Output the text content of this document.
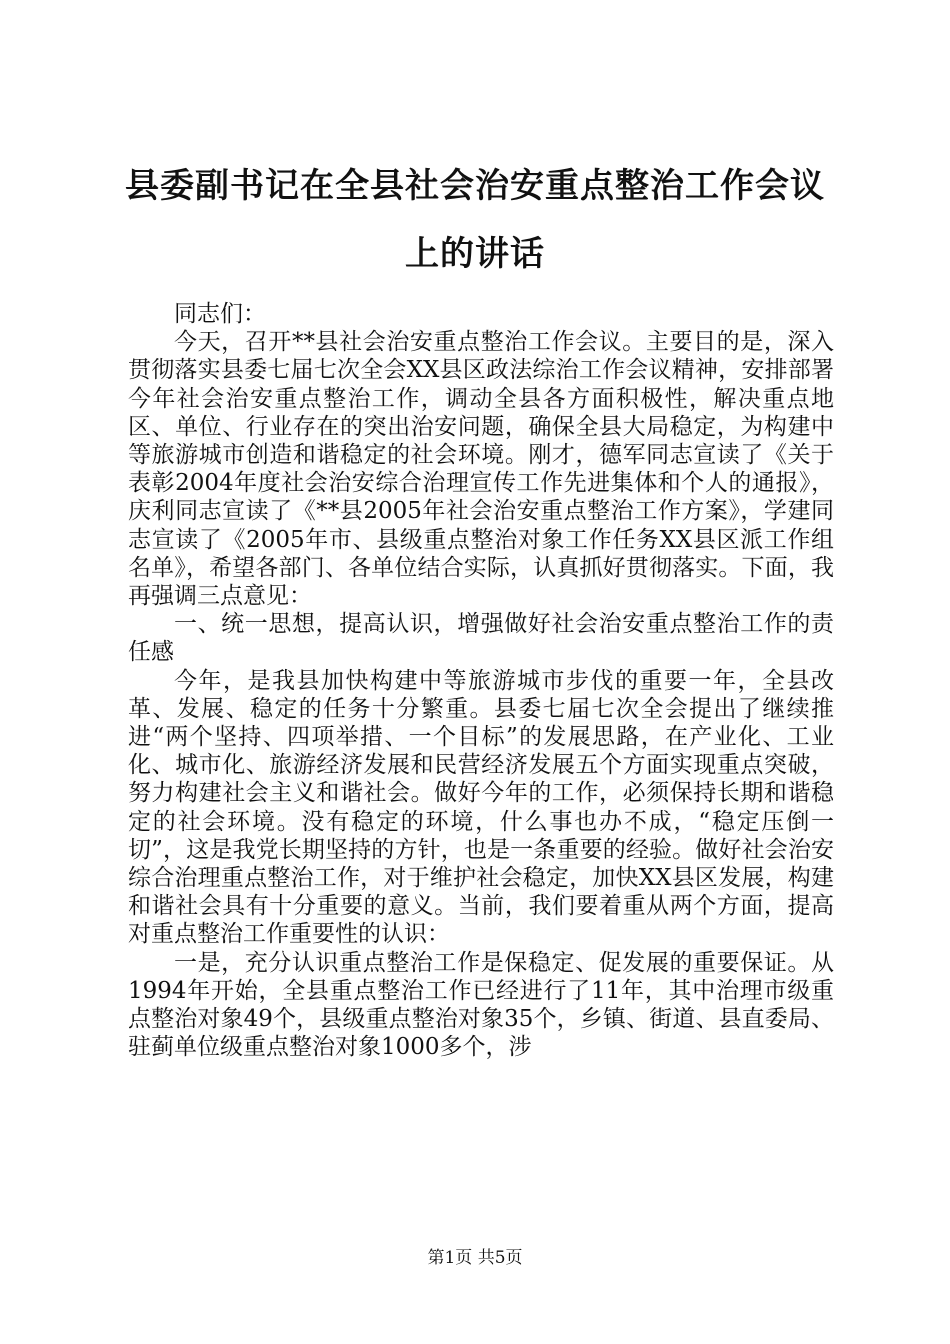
县委副书记在全县社会治安重点整治工作会议
上的讲话

同志们：

今天，召开**县社会治安重点整治工作会议。主要目的是，深入贯彻落实县委七届七次全会XX县区政法综治工作会议精神，安排部署今年社会治安重点整治工作，调动全县各方面积极性，解决重点地区、单位、行业存在的突出治安问题，确保全县大局稳定，为构建中等旅游城市创造和谐稳定的社会环境。刚才，德军同志宣读了《关于表彰2004年度社会治安综合治理宣传工作先进集体和个人的通报》，庆利同志宣读了《**县2005年社会治安重点整治工作方案》，学建同志宣读了《2005年市、县级重点整治对象工作任务XX县区派工作组名单》，希望各部门、各单位结合实际，认真抓好贯彻落实。下面，我再强调三点意见：

一、统一思想，提高认识，增强做好社会治安重点整治工作的责任感

今年，是我县加快构建中等旅游城市步伐的重要一年，全县改革、发展、稳定的任务十分繁重。县委七届七次全会提出了继续推进“两个坚持、四项举措、一个目标”的发展思路，在产业化、工业化、城市化、旅游经济发展和民营经济发展五个方面实现重点突破，努力构建社会主义和谐社会。做好今年的工作，必须保持长期和谐稳定的社会环境。没有稳定的环境，什么事也办不成，“稳定压倒一切”，这是我党长期坚持的方针，也是一条重要的经验。做好社会治安综合治理重点整治工作，对于维护社会稳定，加快XX县区发展，构建和谐社会具有十分重要的意义。当前，我们要着重从两个方面，提高对重点整治工作重要性的认识：

一是，充分认识重点整治工作是保稳定、促发展的重要保证。从1994年开始，全县重点整治工作已经进行了11年，其中治理市级重点整治对象49个，县级重点整治对象35个，乡镇、街道、县直委局、驻蓟单位级重点整治对象1000多个，涉

第1页 共5页
